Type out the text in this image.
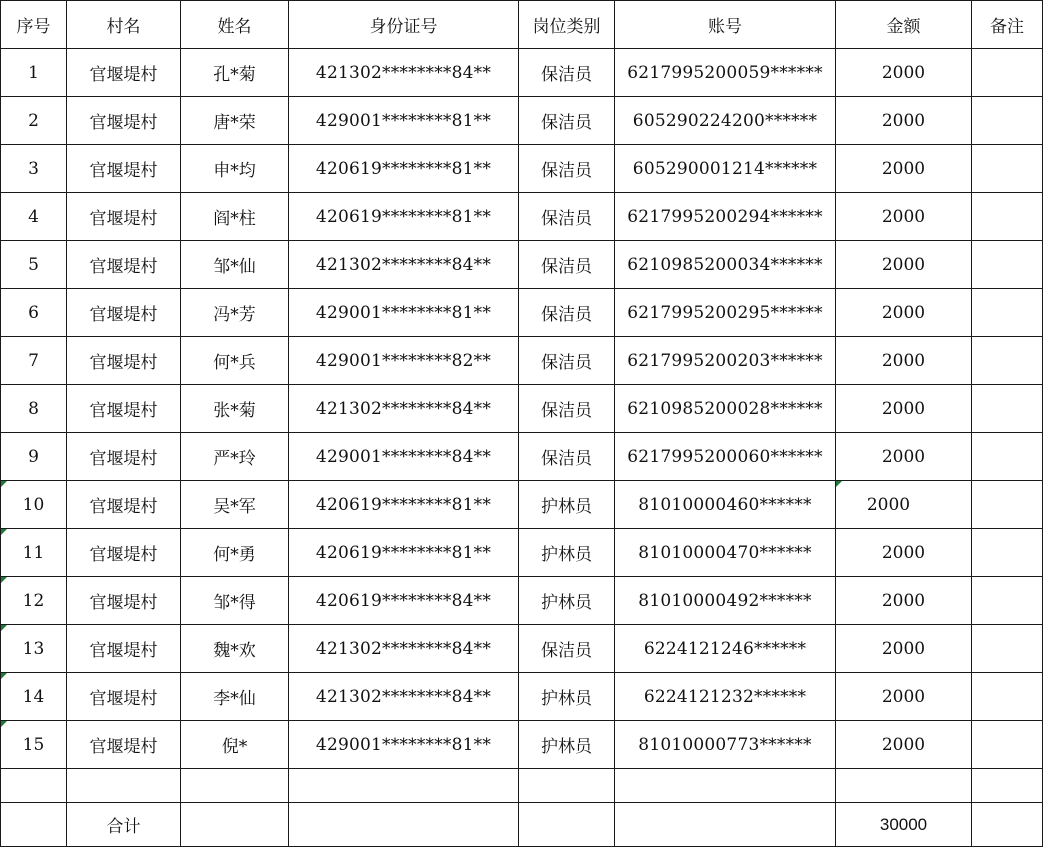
序号	村名	姓名	身份证号	岗位类别	账号	金额	备注
1	官堰堤村	孔*菊	421302********84**	保洁员	6217995200059******	2000	
2	官堰堤村	唐*荣	429001********81**	保洁员	605290224200******	2000	
3	官堰堤村	申*均	420619********81**	保洁员	605290001214******	2000	
4	官堰堤村	阎*柱	420619********81**	保洁员	6217995200294******	2000	
5	官堰堤村	邹*仙	421302********84**	保洁员	6210985200034******	2000	
6	官堰堤村	冯*芳	429001********81**	保洁员	6217995200295******	2000	
7	官堰堤村	何*兵	429001********82**	保洁员	6217995200203******	2000	
8	官堰堤村	张*菊	421302********84**	保洁员	6210985200028******	2000	
9	官堰堤村	严*玲	429001********84**	保洁员	6217995200060******	2000	
10	官堰堤村	吴*军	420619********81**	护林员	81010000460******	2000	
11	官堰堤村	何*勇	420619********81**	护林员	81010000470******	2000	
12	官堰堤村	邹*得	420619********84**	护林员	81010000492******	2000	
13	官堰堤村	魏*欢	421302********84**	保洁员	6224121246******	2000	
14	官堰堤村	李*仙	421302********84**	护林员	6224121232******	2000	
15	官堰堤村	倪*	429001********81**	护林员	81010000773******	2000	

	合计					30000	
